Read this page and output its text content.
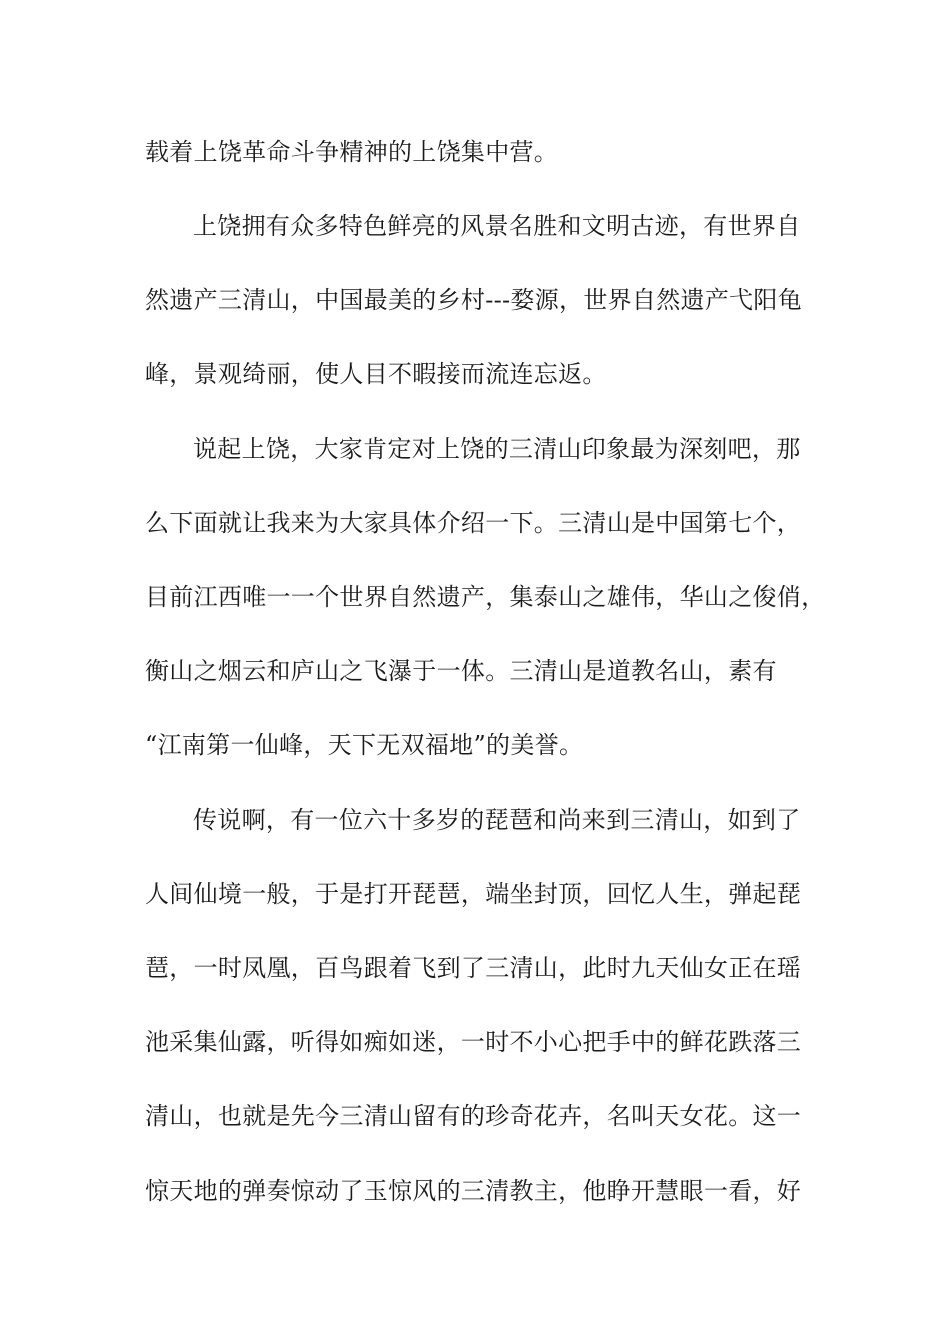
载着上饶革命斗争精神的上饶集中营。
上饶拥有众多特色鲜亮的风景名胜和文明古迹，有世界自
然遗产三清山，中国最美的乡村---婺源，世界自然遗产弋阳龟
峰，景观绮丽，使人目不暇接而流连忘返。
说起上饶，大家肯定对上饶的三清山印象最为深刻吧，那
么下面就让我来为大家具体介绍一下。三清山是中国第七个，
目前江西唯一一个世界自然遗产，集泰山之雄伟，华山之俊俏，
衡山之烟云和庐山之飞瀑于一体。三清山是道教名山，素有
“江南第一仙峰，天下无双福地”的美誉。
传说啊，有一位六十多岁的琵琶和尚来到三清山，如到了
人间仙境一般，于是打开琵琶，端坐封顶，回忆人生，弹起琵
琶，一时凤凰，百鸟跟着飞到了三清山，此时九天仙女正在瑶
池采集仙露，听得如痴如迷，一时不小心把手中的鲜花跌落三
清山，也就是先今三清山留有的珍奇花卉，名叫天女花。这一
惊天地的弹奏惊动了玉惊风的三清教主，他睁开慧眼一看，好
